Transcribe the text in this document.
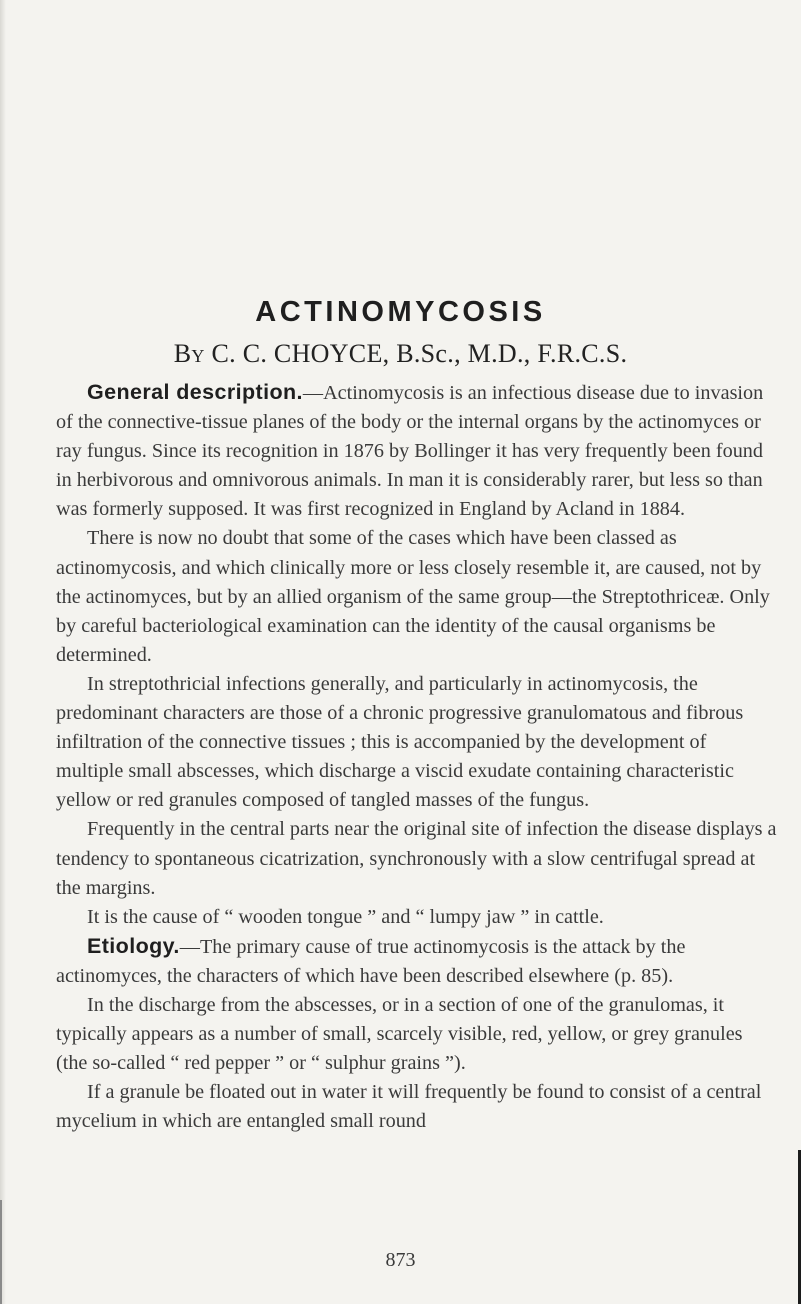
ACTINOMYCOSIS
By C. C. CHOYCE, B.Sc., M.D., F.R.C.S.

General description.—Actinomycosis is an infectious disease due to invasion of the connective-tissue planes of the body or the internal organs by the actinomyces or ray fungus. Since its recognition in 1876 by Bollinger it has very frequently been found in herbivorous and omnivorous animals. In man it is considerably rarer, but less so than was formerly supposed. It was first recognized in England by Acland in 1884.

There is now no doubt that some of the cases which have been classed as actinomycosis, and which clinically more or less closely resemble it, are caused, not by the actinomyces, but by an allied organism of the same group—the Streptothriceæ. Only by careful bacteriological examination can the identity of the causal organisms be determined.

In streptothricial infections generally, and particularly in actinomycosis, the predominant characters are those of a chronic progressive granulomatous and fibrous infiltration of the connective tissues ; this is accompanied by the development of multiple small abscesses, which discharge a viscid exudate containing characteristic yellow or red granules composed of tangled masses of the fungus.

Frequently in the central parts near the original site of infection the disease displays a tendency to spontaneous cicatrization, synchronously with a slow centrifugal spread at the margins.

It is the cause of “ wooden tongue ” and “ lumpy jaw ” in cattle.

Etiology.—The primary cause of true actinomycosis is the attack by the actinomyces, the characters of which have been described elsewhere (p. 85).

In the discharge from the abscesses, or in a section of one of the granulomas, it typically appears as a number of small, scarcely visible, red, yellow, or grey granules (the so-called “ red pepper ” or “ sulphur grains ”).

If a granule be floated out in water it will frequently be found to consist of a central mycelium in which are entangled small round

873
